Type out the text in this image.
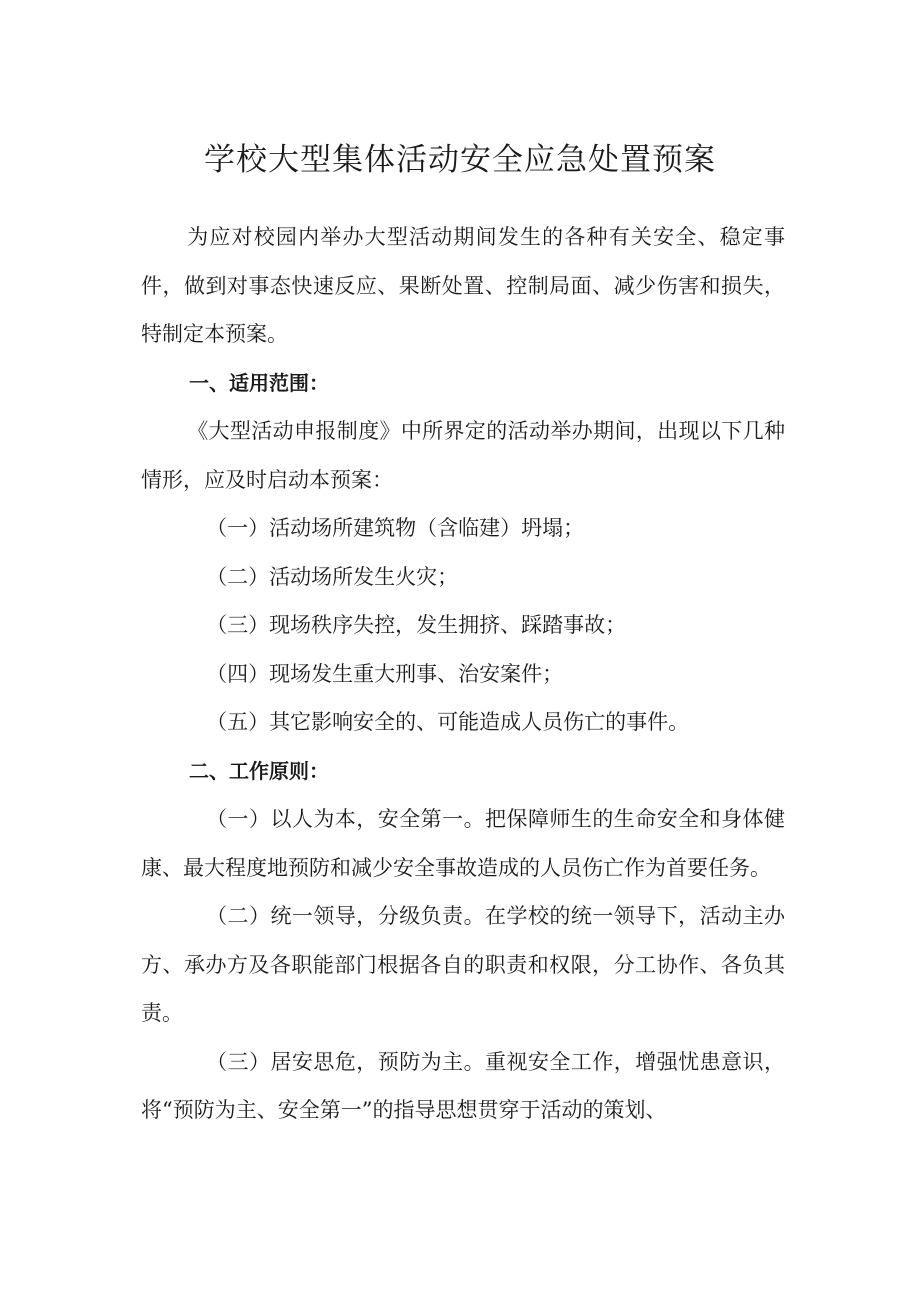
学校大型集体活动安全应急处置预案

为应对校园内举办大型活动期间发生的各种有关安全、稳定事件，做到对事态快速反应、果断处置、控制局面、减少伤害和损失，特制定本预案。

一、适用范围：

《大型活动申报制度》中所界定的活动举办期间，出现以下几种情形，应及时启动本预案：

（一）活动场所建筑物（含临建）坍塌；

（二）活动场所发生火灾；

（三）现场秩序失控，发生拥挤、踩踏事故；

（四）现场发生重大刑事、治安案件；

（五）其它影响安全的、可能造成人员伤亡的事件。

二、工作原则：

（一）以人为本，安全第一。把保障师生的生命安全和身体健康、最大程度地预防和减少安全事故造成的人员伤亡作为首要任务。

（二）统一领导，分级负责。在学校的统一领导下，活动主办方、承办方及各职能部门根据各自的职责和权限，分工协作、各负其责。

（三）居安思危，预防为主。重视安全工作，增强忧患意识，将“预防为主、安全第一”的指导思想贯穿于活动的策划、
